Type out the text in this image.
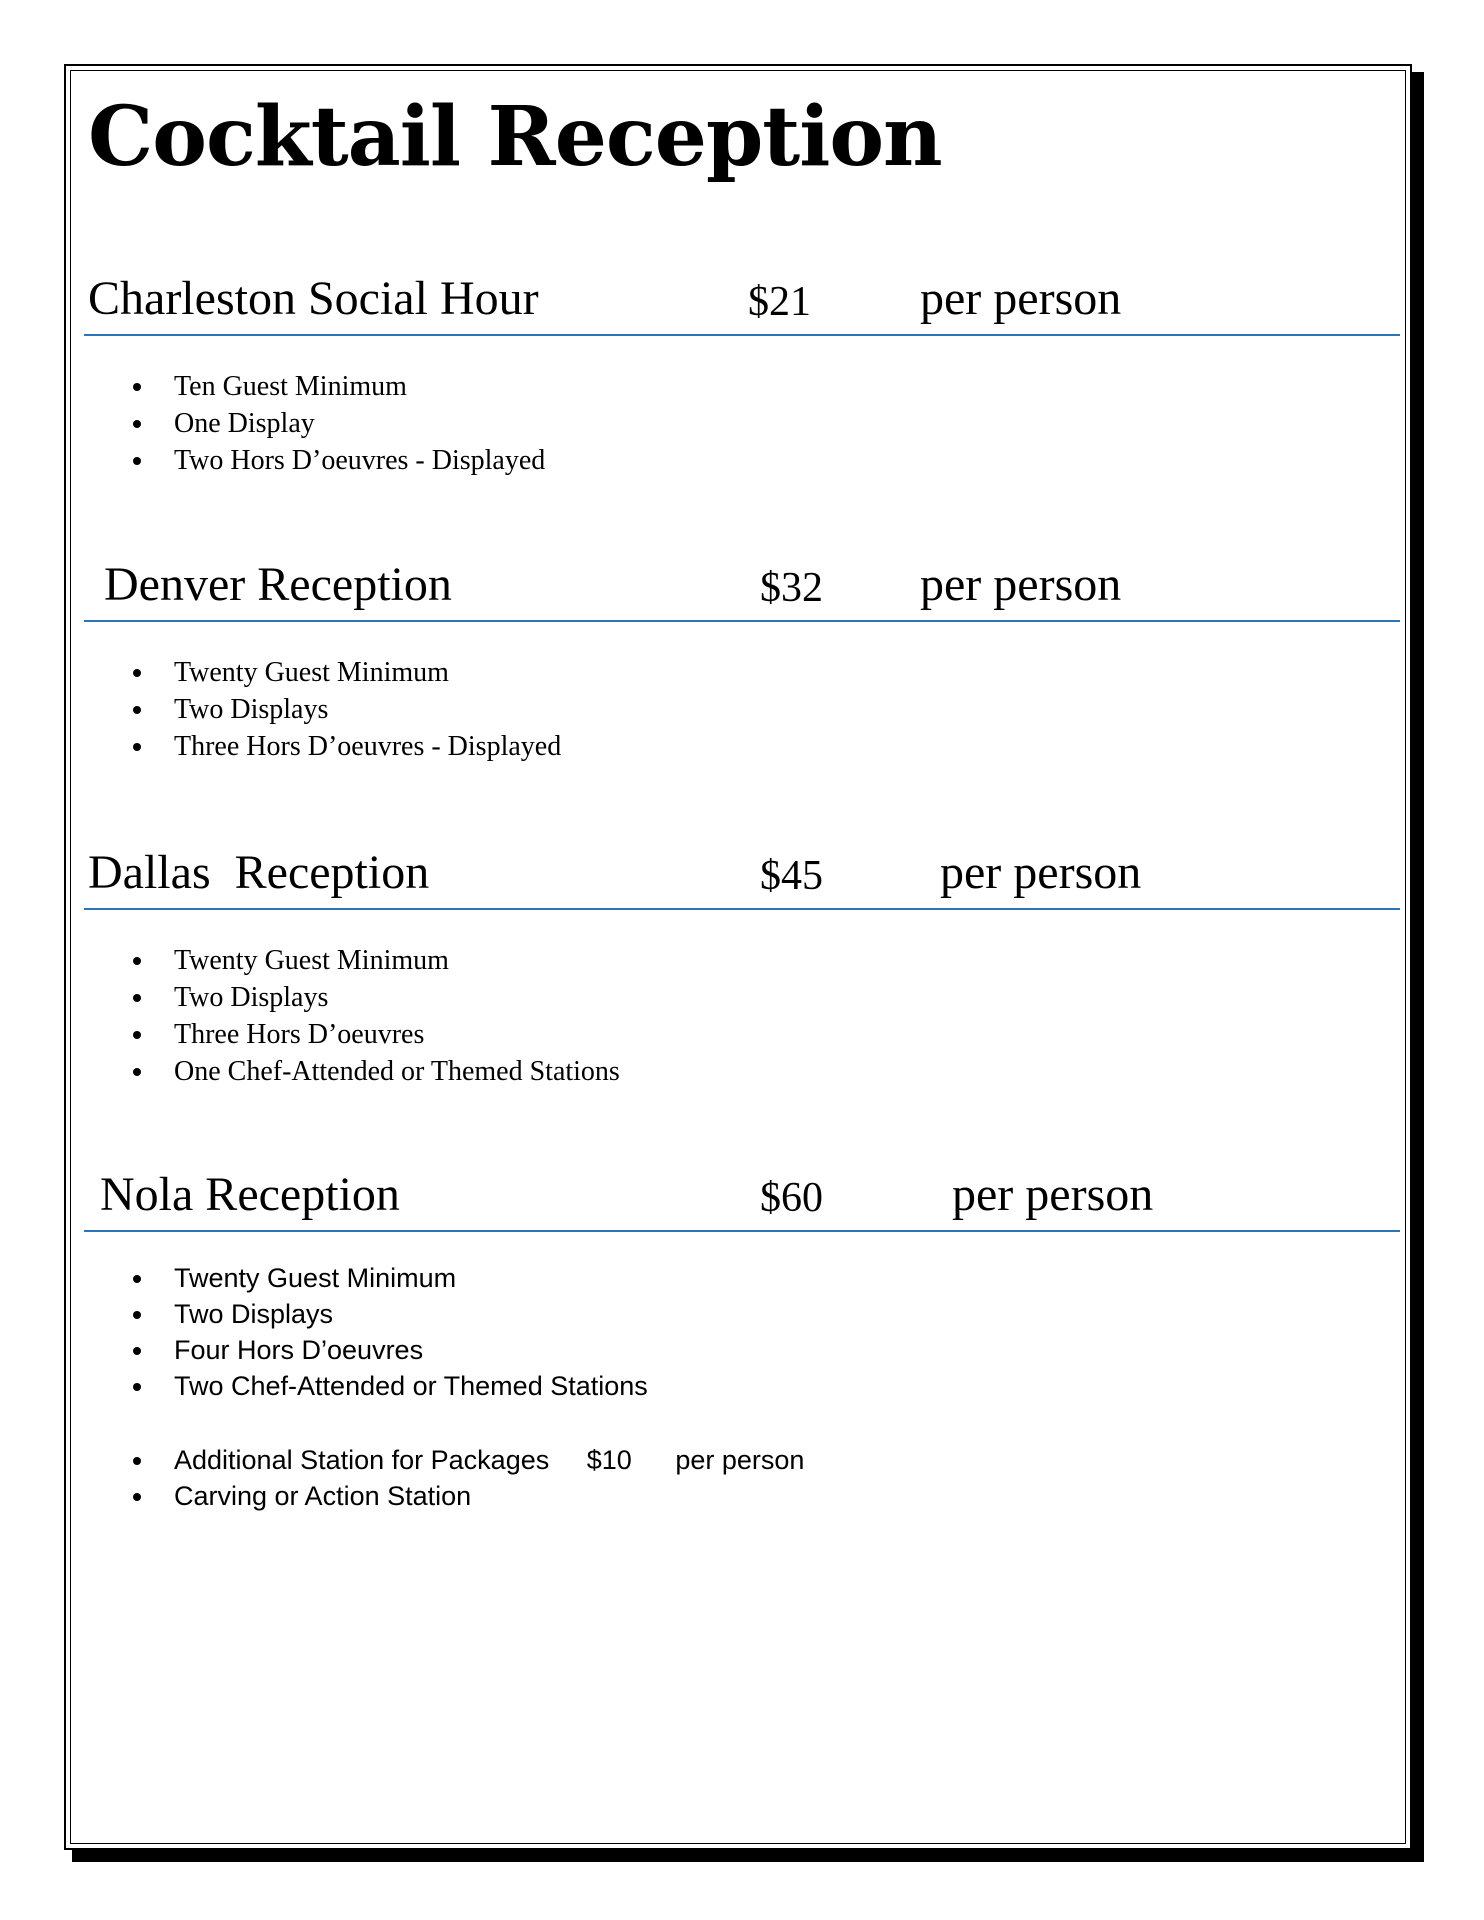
Cocktail Reception
Charleston Social Hour	$21 per person
Ten Guest Minimum
One Display
Two Hors D’oeuvres - Displayed
Denver Reception	$32 per person
Twenty Guest Minimum
Two Displays
Three Hors D’oeuvres - Displayed
Dallas  Reception	$45 per person
Twenty Guest Minimum
Two Displays
Three Hors D’oeuvres
One Chef-Attended or Themed Stations
Nola Reception	$60	per person
Twenty Guest Minimum
Two Displays
Four Hors D’oeuvres
Two Chef-Attended or Themed Stations
Additional Station for Packages $10 per person
Carving or Action Station
